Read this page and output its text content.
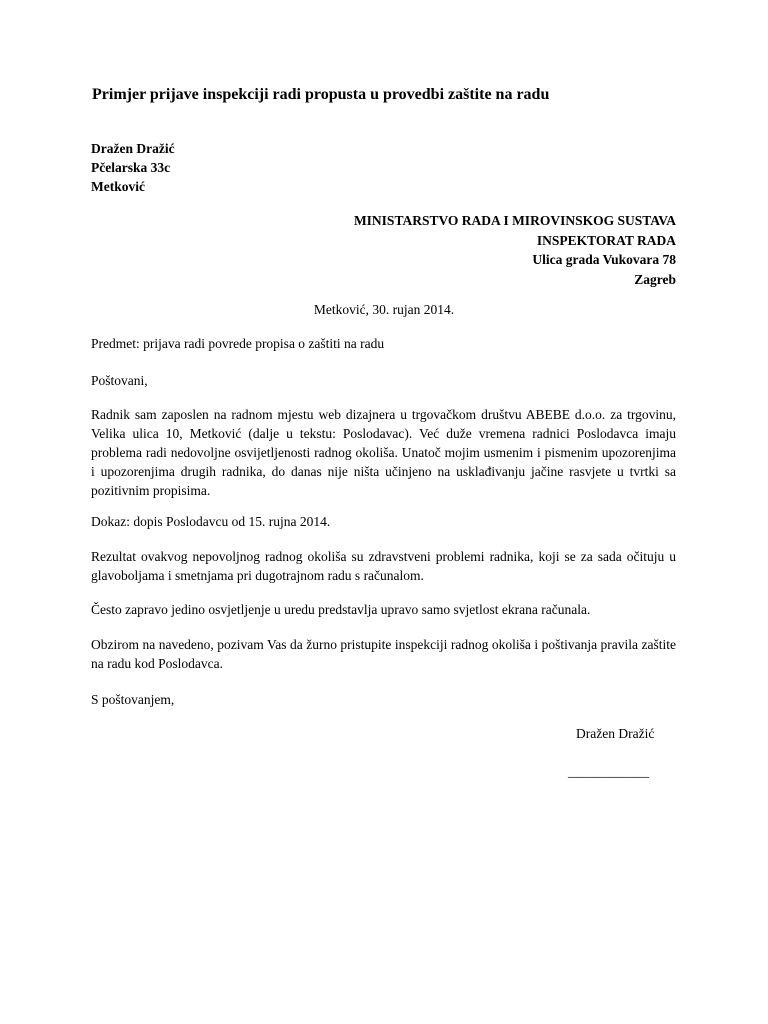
Primjer prijave inspekciji radi propusta u provedbi zaštite na radu
Dražen Dražić
Pčelarska 33c
Metković
MINISTARSTVO RADA I MIROVINSKOG SUSTAVA
INSPEKTORAT RADA
Ulica grada Vukovara 78
Zagreb
Metković, 30. rujan 2014.

Predmet: prijava radi povrede propisa o zaštiti na radu

Poštovani,

Radnik sam zaposlen na radnom mjestu web dizajnera u trgovačkom društvu ABEBE d.o.o. za trgovinu, Velika ulica 10, Metković (dalje u tekstu: Poslodavac). Već duže vremena radnici Poslodavca imaju problema radi nedovoljne osvijetljenosti radnog okoliša. Unatoč mojim usmenim i pismenim upozorenjima i upozorenjima drugih radnika, do danas nije ništa učinjeno na usklađivanju jačine rasvjete u tvrtki sa pozitivnim propisima.

Dokaz: dopis Poslodavcu od 15. rujna 2014.

Rezultat ovakvog nepovoljnog radnog okoliša su zdravstveni problemi radnika, koji se za sada očituju u glavoboljama i smetnjama pri dugotrajnom radu s računalom.

Često zapravo jedino osvjetljenje u uredu predstavlja upravo samo svjetlost ekrana računala.

Obzirom na navedeno, pozivam Vas da žurno pristupite inspekciji radnog okoliša i poštivanja pravila zaštite na radu kod Poslodavca.

S poštovanjem,

Dražen Dražić
____________
